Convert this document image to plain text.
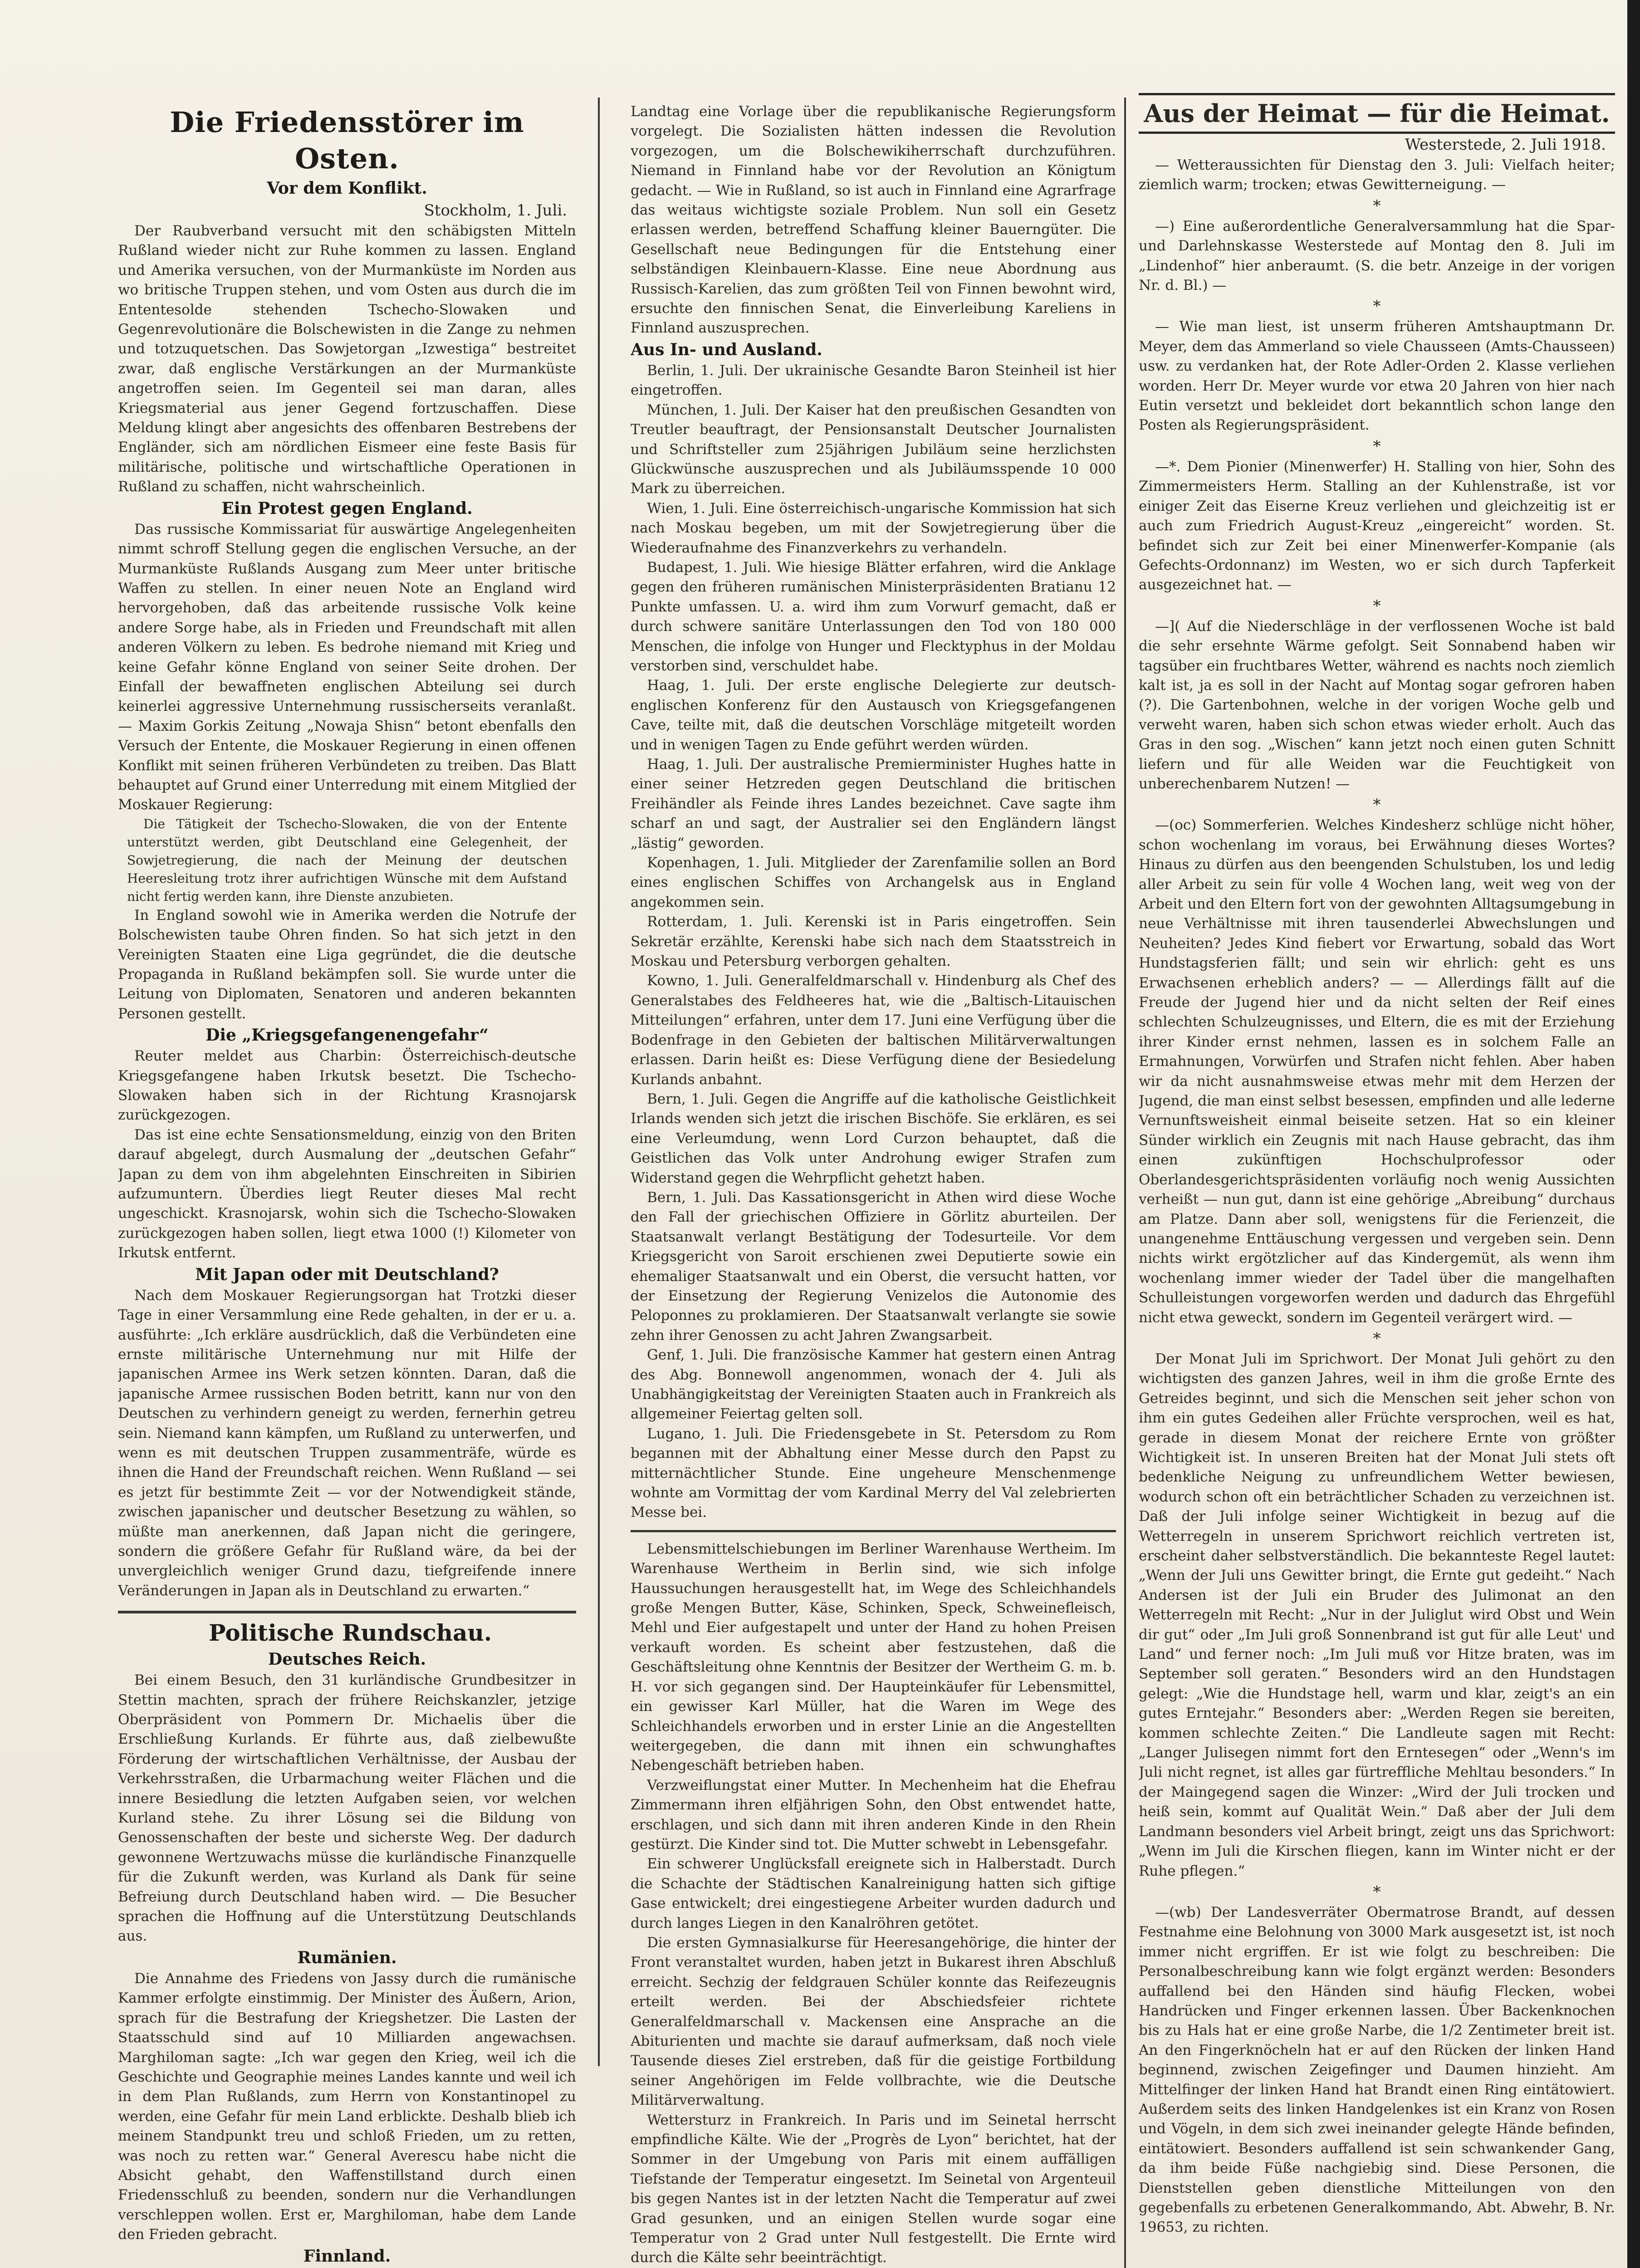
Die Friedensstörer im Osten.
Vor dem Konflikt.
Stockholm, 1. Juli.

Der Raubverband versucht mit den schäbigsten Mitteln Rußland wieder nicht zur Ruhe kommen zu lassen. England und Amerika versuchen, von der Murmanküste im Norden aus wo britische Truppen stehen, und vom Osten aus durch die im Ententesolde stehenden Tschecho-Slowaken und Gegenrevolutionäre die Bolschewisten in die Zange zu nehmen und totzuquetschen. Das Sowjetorgan „Izwestiga“ bestreitet zwar, daß englische Verstärkungen an der Murmanküste angetroffen seien. Im Gegenteil sei man daran, alles Kriegsmaterial aus jener Gegend fortzuschaffen. Diese Meldung klingt aber angesichts des offenbaren Bestrebens der Engländer, sich am nördlichen Eismeer eine feste Basis für militärische, politische und wirtschaftliche Operationen in Rußland zu schaffen, nicht wahrscheinlich.

Ein Protest gegen England.

Das russische Kommissariat für auswärtige Angelegenheiten nimmt schroff Stellung gegen die englischen Versuche, an der Murmanküste Rußlands Ausgang zum Meer unter britische Waffen zu stellen. In einer neuen Note an England wird hervorgehoben, daß das arbeitende russische Volk keine andere Sorge habe, als in Frieden und Freundschaft mit allen anderen Völkern zu leben. Es bedrohe niemand mit Krieg und keine Gefahr könne England von seiner Seite drohen. Der Einfall der bewaffneten englischen Abteilung sei durch keinerlei aggressive Unternehmung russischerseits veranlaßt. — Maxim Gorkis Zeitung „Nowaja Shisn“ betont ebenfalls den Versuch der Entente, die Moskauer Regierung in einen offenen Konflikt mit seinen früheren Verbündeten zu treiben. Das Blatt behauptet auf Grund einer Unterredung mit einem Mitglied der Moskauer Regierung:

Die Tätigkeit der Tschecho-Slowaken, die von der Entente unterstützt werden, gibt Deutschland eine Gelegenheit, der Sowjetregierung, die nach der Meinung der deutschen Heeresleitung trotz ihrer aufrichtigen Wünsche mit dem Aufstand nicht fertig werden kann, ihre Dienste anzubieten.

In England sowohl wie in Amerika werden die Notrufe der Bolschewisten taube Ohren finden. So hat sich jetzt in den Vereinigten Staaten eine Liga gegründet, die die deutsche Propaganda in Rußland bekämpfen soll. Sie wurde unter die Leitung von Diplomaten, Senatoren und anderen bekannten Personen gestellt.

Die „Kriegsgefangenengefahr“

Reuter meldet aus Charbin: Österreichisch-deutsche Kriegsgefangene haben Irkutsk besetzt. Die Tschecho-Slowaken haben sich in der Richtung Krasnojarsk zurückgezogen.

Das ist eine echte Sensationsmeldung, einzig von den Briten darauf abgelegt, durch Ausmalung der „deutschen Gefahr“ Japan zu dem von ihm abgelehnten Einschreiten in Sibirien aufzumuntern. Überdies liegt Reuter dieses Mal recht ungeschickt. Krasnojarsk, wohin sich die Tschecho-Slowaken zurückgezogen haben sollen, liegt etwa 1000 (!) Kilometer von Irkutsk entfernt.

Mit Japan oder mit Deutschland?

Nach dem Moskauer Regierungsorgan hat Trotzki dieser Tage in einer Versammlung eine Rede gehalten, in der er u. a. ausführte: „Ich erkläre ausdrücklich, daß die Verbündeten eine ernste militärische Unternehmung nur mit Hilfe der japanischen Armee ins Werk setzen könnten. Daran, daß die japanische Armee russischen Boden betritt, kann nur von den Deutschen zu verhindern geneigt zu werden, fernerhin getreu sein. Niemand kann kämpfen, um Rußland zu unterwerfen, und wenn es mit deutschen Truppen zusammenträfe, würde es ihnen die Hand der Freundschaft reichen. Wenn Rußland — sei es jetzt für bestimmte Zeit — vor der Notwendigkeit stände, zwischen japanischer und deutscher Besetzung zu wählen, so müßte man anerkennen, daß Japan nicht die geringere, sondern die größere Gefahr für Rußland wäre, da bei der unvergleichlich weniger Grund dazu, tiefgreifende innere Veränderungen in Japan als in Deutschland zu erwarten.“

Politische Rundschau.
Deutsches Reich.

Bei einem Besuch, den 31 kurländische Grundbesitzer in Stettin machten, sprach der frühere Reichskanzler, jetzige Oberpräsident von Pommern Dr. Michaelis über die Erschließung Kurlands. Er führte aus, daß zielbewußte Förderung der wirtschaftlichen Verhältnisse, der Ausbau der Verkehrsstraßen, die Urbarmachung weiter Flächen und die innere Besiedlung die letzten Aufgaben seien, vor welchen Kurland stehe. Zu ihrer Lösung sei die Bildung von Genossenschaften der beste und sicherste Weg. Der dadurch gewonnene Wertzuwachs müsse die kurländische Finanzquelle für die Zukunft werden, was Kurland als Dank für seine Befreiung durch Deutschland haben wird. — Die Besucher sprachen die Hoffnung auf die Unterstützung Deutschlands aus.

Rumänien.

Die Annahme des Friedens von Jassy durch die rumänische Kammer erfolgte einstimmig. Der Minister des Äußern, Arion, sprach für die Bestrafung der Kriegshetzer. Die Lasten der Staatsschuld sind auf 10 Milliarden angewachsen. Marghiloman sagte: „Ich war gegen den Krieg, weil ich die Geschichte und Geographie meines Landes kannte und weil ich in dem Plan Rußlands, zum Herrn von Konstantinopel zu werden, eine Gefahr für mein Land erblickte. Deshalb blieb ich meinem Standpunkt treu und schloß Frieden, um zu retten, was noch zu retten war.“ General Averescu habe nicht die Absicht gehabt, den Waffenstillstand durch einen Friedensschluß zu beenden, sondern nur die Verhandlungen verschleppen wollen. Erst er, Marghiloman, habe dem Lande den Frieden gebracht.

Finnland.

Landtag eine Vorlage über die republikanische Regierungsform vorgelegt. Die Sozialisten hätten indessen die Revolution vorgezogen, um die Bolschewikiherrschaft durchzuführen. Niemand in Finnland habe vor der Revolution an Königtum gedacht. — Wie in Rußland, so ist auch in Finnland eine Agrarfrage das weitaus wichtigste soziale Problem. Nun soll ein Gesetz erlassen werden, betreffend Schaffung kleiner Bauerngüter. Die Gesellschaft neue Bedingungen für die Entstehung einer selbständigen Kleinbauern-Klasse. Eine neue Abordnung aus Russisch-Karelien, das zum größten Teil von Finnen bewohnt wird, ersuchte den finnischen Senat, die Einverleibung Kareliens in Finnland auszusprechen.

Aus In- und Ausland.

Berlin, 1. Juli. Der ukrainische Gesandte Baron Steinheil ist hier eingetroffen.

München, 1. Juli. Der Kaiser hat den preußischen Gesandten von Treutler beauftragt, der Pensionsanstalt Deutscher Journalisten und Schriftsteller zum 25jährigen Jubiläum seine herzlichsten Glückwünsche auszusprechen und als Jubiläumsspende 10 000 Mark zu überreichen.

Wien, 1. Juli. Eine österreichisch-ungarische Kommission hat sich nach Moskau begeben, um mit der Sowjetregierung über die Wiederaufnahme des Finanzverkehrs zu verhandeln.

Budapest, 1. Juli. Wie hiesige Blätter erfahren, wird die Anklage gegen den früheren rumänischen Ministerpräsidenten Bratianu 12 Punkte umfassen. U. a. wird ihm zum Vorwurf gemacht, daß er durch schwere sanitäre Unterlassungen den Tod von 180 000 Menschen, die infolge von Hunger und Flecktyphus in der Moldau verstorben sind, verschuldet habe.

Haag, 1. Juli. Der erste englische Delegierte zur deutsch-englischen Konferenz für den Austausch von Kriegsgefangenen Cave, teilte mit, daß die deutschen Vorschläge mitgeteilt worden und in wenigen Tagen zu Ende geführt werden würden.

Haag, 1. Juli. Der australische Premierminister Hughes hatte in einer seiner Hetzreden gegen Deutschland die britischen Freihändler als Feinde ihres Landes bezeichnet. Cave sagte ihm scharf an und sagt, der Australier sei den Engländern längst „lästig“ geworden.

Kopenhagen, 1. Juli. Mitglieder der Zarenfamilie sollen an Bord eines englischen Schiffes von Archangelsk aus in England angekommen sein.

Rotterdam, 1. Juli. Kerenski ist in Paris eingetroffen. Sein Sekretär erzählte, Kerenski habe sich nach dem Staatsstreich in Moskau und Petersburg verborgen gehalten.

Kowno, 1. Juli. Generalfeldmarschall v. Hindenburg als Chef des Generalstabes des Feldheeres hat, wie die „Baltisch-Litauischen Mitteilungen“ erfahren, unter dem 17. Juni eine Verfügung über die Bodenfrage in den Gebieten der baltischen Militärverwaltungen erlassen. Darin heißt es: Diese Verfügung diene der Besiedelung Kurlands anbahnt.

Bern, 1. Juli. Gegen die Angriffe auf die katholische Geistlichkeit Irlands wenden sich jetzt die irischen Bischöfe. Sie erklären, es sei eine Verleumdung, wenn Lord Curzon behauptet, daß die Geistlichen das Volk unter Androhung ewiger Strafen zum Widerstand gegen die Wehrpflicht gehetzt haben.

Bern, 1. Juli. Das Kassationsgericht in Athen wird diese Woche den Fall der griechischen Offiziere in Görlitz aburteilen. Der Staatsanwalt verlangt Bestätigung der Todesurteile. Vor dem Kriegsgericht von Saroit erschienen zwei Deputierte sowie ein ehemaliger Staatsanwalt und ein Oberst, die versucht hatten, vor der Einsetzung der Regierung Venizelos die Autonomie des Peloponnes zu proklamieren. Der Staatsanwalt verlangte sie sowie zehn ihrer Genossen zu acht Jahren Zwangsarbeit.

Genf, 1. Juli. Die französische Kammer hat gestern einen Antrag des Abg. Bonnewoll angenommen, wonach der 4. Juli als Unabhängigkeitstag der Vereinigten Staaten auch in Frankreich als allgemeiner Feiertag gelten soll.

Lugano, 1. Juli. Die Friedensgebete in St. Petersdom zu Rom begannen mit der Abhaltung einer Messe durch den Papst zu mitternächtlicher Stunde. Eine ungeheure Menschenmenge wohnte am Vormittag der vom Kardinal Merry del Val zelebrierten Messe bei.

Lebensmittelschiebungen im Berliner Warenhause Wertheim. Im Warenhause Wertheim in Berlin sind, wie sich infolge Haussuchungen herausgestellt hat, im Wege des Schleichhandels große Mengen Butter, Käse, Schinken, Speck, Schweinefleisch, Mehl und Eier aufgestapelt und unter der Hand zu hohen Preisen verkauft worden. Es scheint aber festzustehen, daß die Geschäftsleitung ohne Kenntnis der Besitzer der Wertheim G. m. b. H. vor sich gegangen sind. Der Haupteinkäufer für Lebensmittel, ein gewisser Karl Müller, hat die Waren im Wege des Schleichhandels erworben und in erster Linie an die Angestellten weitergegeben, die dann mit ihnen ein schwunghaftes Nebengeschäft betrieben haben.

Verzweiflungstat einer Mutter. In Mechenheim hat die Ehefrau Zimmermann ihren elfjährigen Sohn, den Obst entwendet hatte, erschlagen, und sich dann mit ihren anderen Kinde in den Rhein gestürzt. Die Kinder sind tot. Die Mutter schwebt in Lebensgefahr.

Ein schwerer Unglücksfall ereignete sich in Halberstadt. Durch die Schachte der Städtischen Kanalreinigung hatten sich giftige Gase entwickelt; drei eingestiegene Arbeiter wurden dadurch und durch langes Liegen in den Kanalröhren getötet.

Die ersten Gymnasialkurse für Heeresangehörige, die hinter der Front veranstaltet wurden, haben jetzt in Bukarest ihren Abschluß erreicht. Sechzig der feldgrauen Schüler konnte das Reifezeugnis erteilt werden. Bei der Abschiedsfeier richtete Generalfeldmarschall v. Mackensen eine Ansprache an die Abiturienten und machte sie darauf aufmerksam, daß noch viele Tausende dieses Ziel erstreben, daß für die geistige Fortbildung seiner Angehörigen im Felde vollbrachte, wie die Deutsche Militärverwaltung.

Wettersturz in Frankreich. In Paris und im Seinetal herrscht empfindliche Kälte. Wie der „Progrès de Lyon“ berichtet, hat der Sommer in der Umgebung von Paris mit einem auffälligen Tiefstande der Temperatur eingesetzt. Im Seinetal von Argenteuil bis gegen Nantes ist in der letzten Nacht die Temperatur auf zwei Grad gesunken, und an einigen Stellen wurde sogar eine Temperatur von 2 Grad unter Null festgestellt. Die Ernte wird durch die Kälte sehr beeinträchtigt.

Aus der Heimat — für die Heimat.
Westerstede, 2. Juli 1918.

— Wetteraussichten für Dienstag den 3. Juli: Vielfach heiter; ziemlich warm; trocken; etwas Gewitterneigung. —

*

—) Eine außerordentliche Generalversammlung hat die Spar- und Darlehnskasse Westerstede auf Montag den 8. Juli im „Lindenhof“ hier anberaumt. (S. die betr. Anzeige in der vorigen Nr. d. Bl.) —

*

— Wie man liest, ist unserm früheren Amtshauptmann Dr. Meyer, dem das Ammerland so viele Chausseen (Amts-Chausseen) usw. zu verdanken hat, der Rote Adler-Orden 2. Klasse verliehen worden. Herr Dr. Meyer wurde vor etwa 20 Jahren von hier nach Eutin versetzt und bekleidet dort bekanntlich schon lange den Posten als Regierungspräsident.

*

—*. Dem Pionier (Minenwerfer) H. Stalling von hier, Sohn des Zimmermeisters Herm. Stalling an der Kuhlenstraße, ist vor einiger Zeit das Eiserne Kreuz verliehen und gleichzeitig ist er auch zum Friedrich August-Kreuz „eingereicht“ worden. St. befindet sich zur Zeit bei einer Minenwerfer-Kompanie (als Gefechts-Ordonnanz) im Westen, wo er sich durch Tapferkeit ausgezeichnet hat. —

*

—]( Auf die Niederschläge in der verflossenen Woche ist bald die sehr ersehnte Wärme gefolgt. Seit Sonnabend haben wir tagsüber ein fruchtbares Wetter, während es nachts noch ziemlich kalt ist, ja es soll in der Nacht auf Montag sogar gefroren haben (?). Die Gartenbohnen, welche in der vorigen Woche gelb und verweht waren, haben sich schon etwas wieder erholt. Auch das Gras in den sog. „Wischen“ kann jetzt noch einen guten Schnitt liefern und für alle Weiden war die Feuchtigkeit von unberechenbarem Nutzen! —

*

—(oc) Sommerferien. Welches Kindesherz schlüge nicht höher, schon wochenlang im voraus, bei Erwähnung dieses Wortes? Hinaus zu dürfen aus den beengenden Schulstuben, los und ledig aller Arbeit zu sein für volle 4 Wochen lang, weit weg von der Arbeit und den Eltern fort von der gewohnten Alltagsumgebung in neue Verhältnisse mit ihren tausenderlei Abwechslungen und Neuheiten? Jedes Kind fiebert vor Erwartung, sobald das Wort Hundstagsferien fällt; und sein wir ehrlich: geht es uns Erwachsenen erheblich anders? — — Allerdings fällt auf die Freude der Jugend hier und da nicht selten der Reif eines schlechten Schulzeugnisses, und Eltern, die es mit der Erziehung ihrer Kinder ernst nehmen, lassen es in solchem Falle an Ermahnungen, Vorwürfen und Strafen nicht fehlen. Aber haben wir da nicht ausnahmsweise etwas mehr mit dem Herzen der Jugend, die man einst selbst besessen, empfinden und alle lederne Vernunftsweisheit einmal beiseite setzen. Hat so ein kleiner Sünder wirklich ein Zeugnis mit nach Hause gebracht, das ihm einen zukünftigen Hochschulprofessor oder Oberlandesgerichtspräsidenten vorläufig noch wenig Aussichten verheißt — nun gut, dann ist eine gehörige „Abreibung“ durchaus am Platze. Dann aber soll, wenigstens für die Ferienzeit, die unangenehme Enttäuschung vergessen und vergeben sein. Denn nichts wirkt ergötzlicher auf das Kindergemüt, als wenn ihm wochenlang immer wieder der Tadel über die mangelhaften Schulleistungen vorgeworfen werden und dadurch das Ehrgefühl nicht etwa geweckt, sondern im Gegenteil verärgert wird. —

*

Der Monat Juli im Sprichwort. Der Monat Juli gehört zu den wichtigsten des ganzen Jahres, weil in ihm die große Ernte des Getreides beginnt, und sich die Menschen seit jeher schon von ihm ein gutes Gedeihen aller Früchte versprochen, weil es hat, gerade in diesem Monat der reichere Ernte von größter Wichtigkeit ist. In unseren Breiten hat der Monat Juli stets oft bedenkliche Neigung zu unfreundlichem Wetter bewiesen, wodurch schon oft ein beträchtlicher Schaden zu verzeichnen ist. Daß der Juli infolge seiner Wichtigkeit in bezug auf die Wetterregeln in unserem Sprichwort reichlich vertreten ist, erscheint daher selbstverständlich. Die bekannteste Regel lautet: „Wenn der Juli uns Gewitter bringt, die Ernte gut gedeiht.“ Nach Andersen ist der Juli ein Bruder des Julimonat an den Wetterregeln mit Recht: „Nur in der Juliglut wird Obst und Wein dir gut“ oder „Im Juli groß Sonnenbrand ist gut für alle Leut' und Land“ und ferner noch: „Im Juli muß vor Hitze braten, was im September soll geraten.“ Besonders wird an den Hundstagen gelegt: „Wie die Hundstage hell, warm und klar, zeigt's an ein gutes Erntejahr.“ Besonders aber: „Werden Regen sie bereiten, kommen schlechte Zeiten.“ Die Landleute sagen mit Recht: „Langer Julisegen nimmt fort den Erntesegen“ oder „Wenn's im Juli nicht regnet, ist alles gar fürtreffliche Mehltau besonders.“ In der Maingegend sagen die Winzer: „Wird der Juli trocken und heiß sein, kommt auf Qualität Wein.“ Daß aber der Juli dem Landmann besonders viel Arbeit bringt, zeigt uns das Sprichwort: „Wenn im Juli die Kirschen fliegen, kann im Winter nicht er der Ruhe pflegen.“

*

—(wb) Der Landesverräter Obermatrose Brandt, auf dessen Festnahme eine Belohnung von 3000 Mark ausgesetzt ist, ist noch immer nicht ergriffen. Er ist wie folgt zu beschreiben: Die Personalbeschreibung kann wie folgt ergänzt werden: Besonders auffallend bei den Händen sind häufig Flecken, wobei Handrücken und Finger erkennen lassen. Über Backenknochen bis zu Hals hat er eine große Narbe, die 1/2 Zentimeter breit ist. An den Fingerknöcheln hat er auf den Rücken der linken Hand beginnend, zwischen Zeigefinger und Daumen hinzieht. Am Mittelfinger der linken Hand hat Brandt einen Ring eintätowiert. Außerdem seits des linken Handgelenkes ist ein Kranz von Rosen und Vögeln, in dem sich zwei ineinander gelegte Hände befinden, eintätowiert. Besonders auffallend ist sein schwankender Gang, da ihm beide Füße nachgiebig sind. Diese Personen, die Dienststellen geben dienstliche Mitteilungen von den gegebenfalls zu erbetenen Generalkommando, Abt. Abwehr, B. Nr. 19653, zu richten.
